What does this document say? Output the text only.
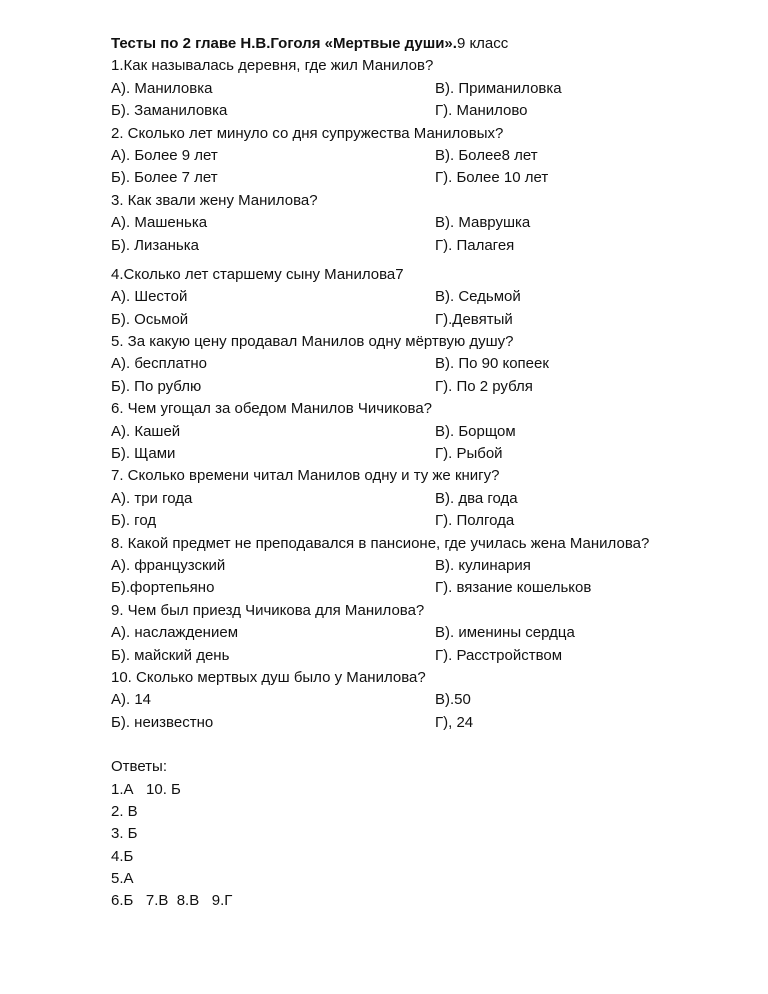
Тесты по 2 главе Н.В.Гоголя «Мертвые души».9 класс
1.Как называлась деревня, где жил Манилов?
А). Маниловка	В). Приманиловка
Б). Заманиловка	Г). Манилово
2. Сколько лет минуло со дня супружества Маниловых?
А). Более 9 лет	В). Более8 лет
Б). Более 7 лет	Г). Более 10 лет
3. Как звали жену Манилова?
А). Машенька	В). Маврушка
Б). Лизанька	Г). Палагея
4.Сколько лет старшему сыну Манилова7
А). Шестой	В). Седьмой
Б). Осьмой	Г).Девятый
5. За какую цену продавал Манилов одну мёртвую душу?
А). бесплатно	В). По 90 копеек
Б). По рублю	Г). По 2 рубля
6. Чем угощал за обедом Манилов Чичикова?
А). Кашей	В). Борщом
Б). Щами	Г). Рыбой
7. Сколько времени читал Манилов одну и ту же книгу?
А). три года	В). два года
Б). год	Г). Полгода
8. Какой предмет не преподавался в пансионе, где училась жена Манилова?
А). французский	В). кулинария
Б).фортепьяно	Г). вязание кошельков
9. Чем был приезд Чичикова для Манилова?
А). наслаждением	В). именины сердца
Б). майский день	Г). Расстройством
10. Сколько мертвых душ было у Манилова?
А). 14	В).50
Б). неизвестно	Г), 24
Ответы:
1.А   10. Б
2. В
3. Б
4.Б
5.А
6.Б   7.В  8.В   9.Г
